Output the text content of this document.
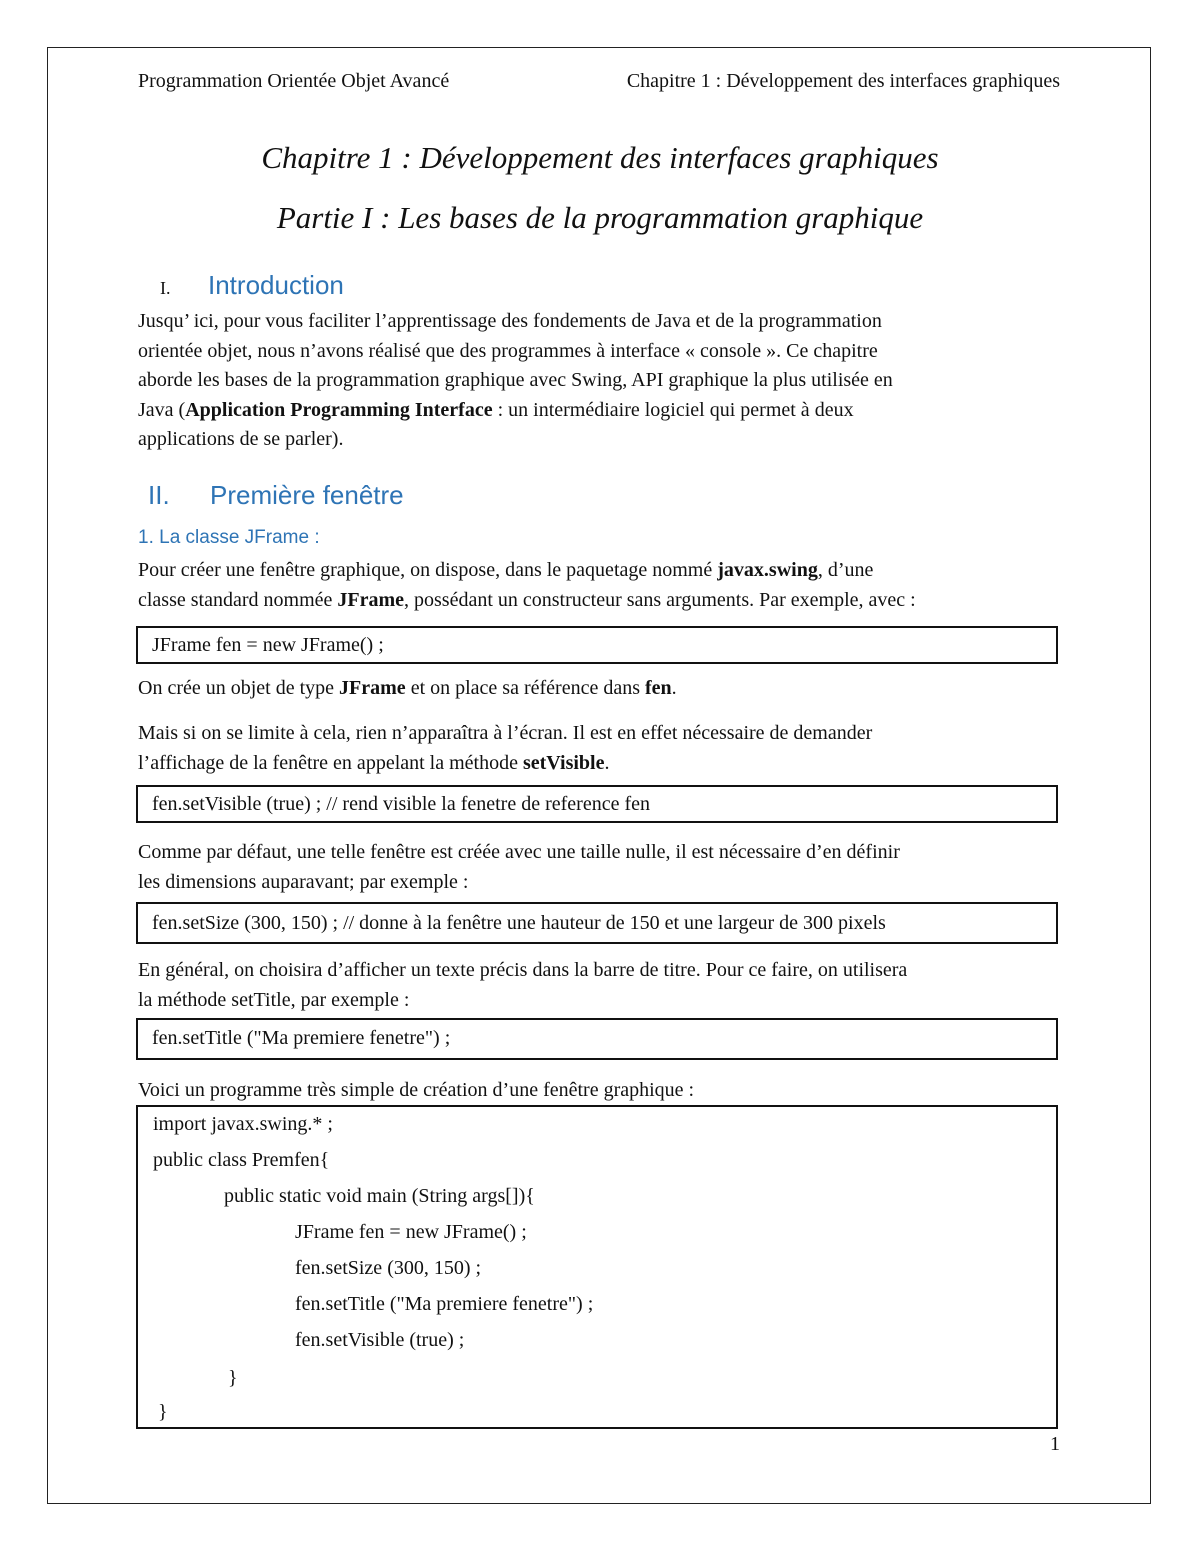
Programmation Orientée Objet Avancé	Chapitre 1 : Développement des interfaces graphiques
Chapitre 1 : Développement des interfaces graphiques
Partie I : Les bases de la programmation graphique
I. Introduction
Jusqu’ ici, pour vous faciliter l’apprentissage des fondements de Java et de la programmation
orientée objet, nous n’avons réalisé que des programmes à interface « console ». Ce chapitre
aborde les bases de la programmation graphique avec Swing, API graphique la plus utilisée en
Java (Application Programming Interface : un intermédiaire logiciel qui permet à deux
applications de se parler).
II. Première fenêtre
1. La classe JFrame :
Pour créer une fenêtre graphique, on dispose, dans le paquetage nommé javax.swing, d’une
classe standard nommée JFrame, possédant un constructeur sans arguments. Par exemple, avec :
JFrame fen = new JFrame() ;
On crée un objet de type JFrame et on place sa référence dans fen.
Mais si on se limite à cela, rien n’apparaîtra à l’écran. Il est en effet nécessaire de demander
l’affichage de la fenêtre en appelant la méthode setVisible.
fen.setVisible (true) ; // rend visible la fenetre de reference fen
Comme par défaut, une telle fenêtre est créée avec une taille nulle, il est nécessaire d’en définir
les dimensions auparavant; par exemple :
fen.setSize (300, 150) ; // donne à la fenêtre une hauteur de 150 et une largeur de 300 pixels
En général, on choisira d’afficher un texte précis dans la barre de titre. Pour ce faire, on utilisera
la méthode setTitle, par exemple :
fen.setTitle ("Ma premiere fenetre") ;
Voici un programme très simple de création d’une fenêtre graphique :
import javax.swing.* ;
public class Premfen{
public static void main (String args[]){
JFrame fen = new JFrame() ;
fen.setSize (300, 150) ;
fen.setTitle ("Ma premiere fenetre") ;
fen.setVisible (true) ;
}
}
1
